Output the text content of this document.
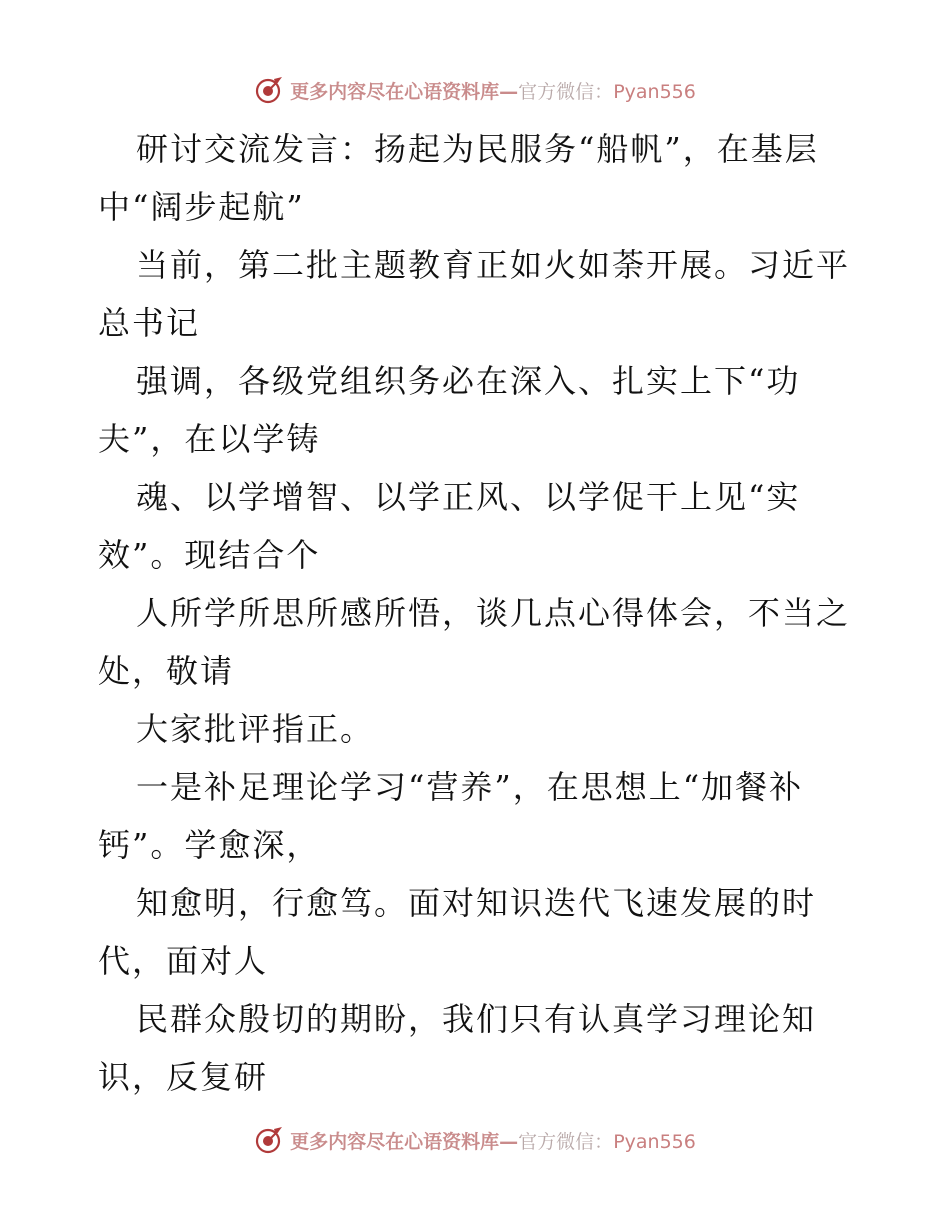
更多内容尽在心语资料库—官方微信：Pyan556
研讨交流发言：扬起为民服务“船帆”，在基层
中“阔步起航”
当前，第二批主题教育正如火如荼开展。习近平
总书记
强调，各级党组织务必在深入、扎实上下“功
夫”，在以学铸
魂、以学增智、以学正风、以学促干上见“实
效”。现结合个
人所学所思所感所悟，谈几点心得体会，不当之
处，敬请
大家批评指正。
一是补足理论学习“营养”，在思想上“加餐补
钙”。学愈深，
知愈明，行愈笃。面对知识迭代飞速发展的时
代，面对人
民群众殷切的期盼，我们只有认真学习理论知
识，反复研
更多内容尽在心语资料库—官方微信：Pyan556
